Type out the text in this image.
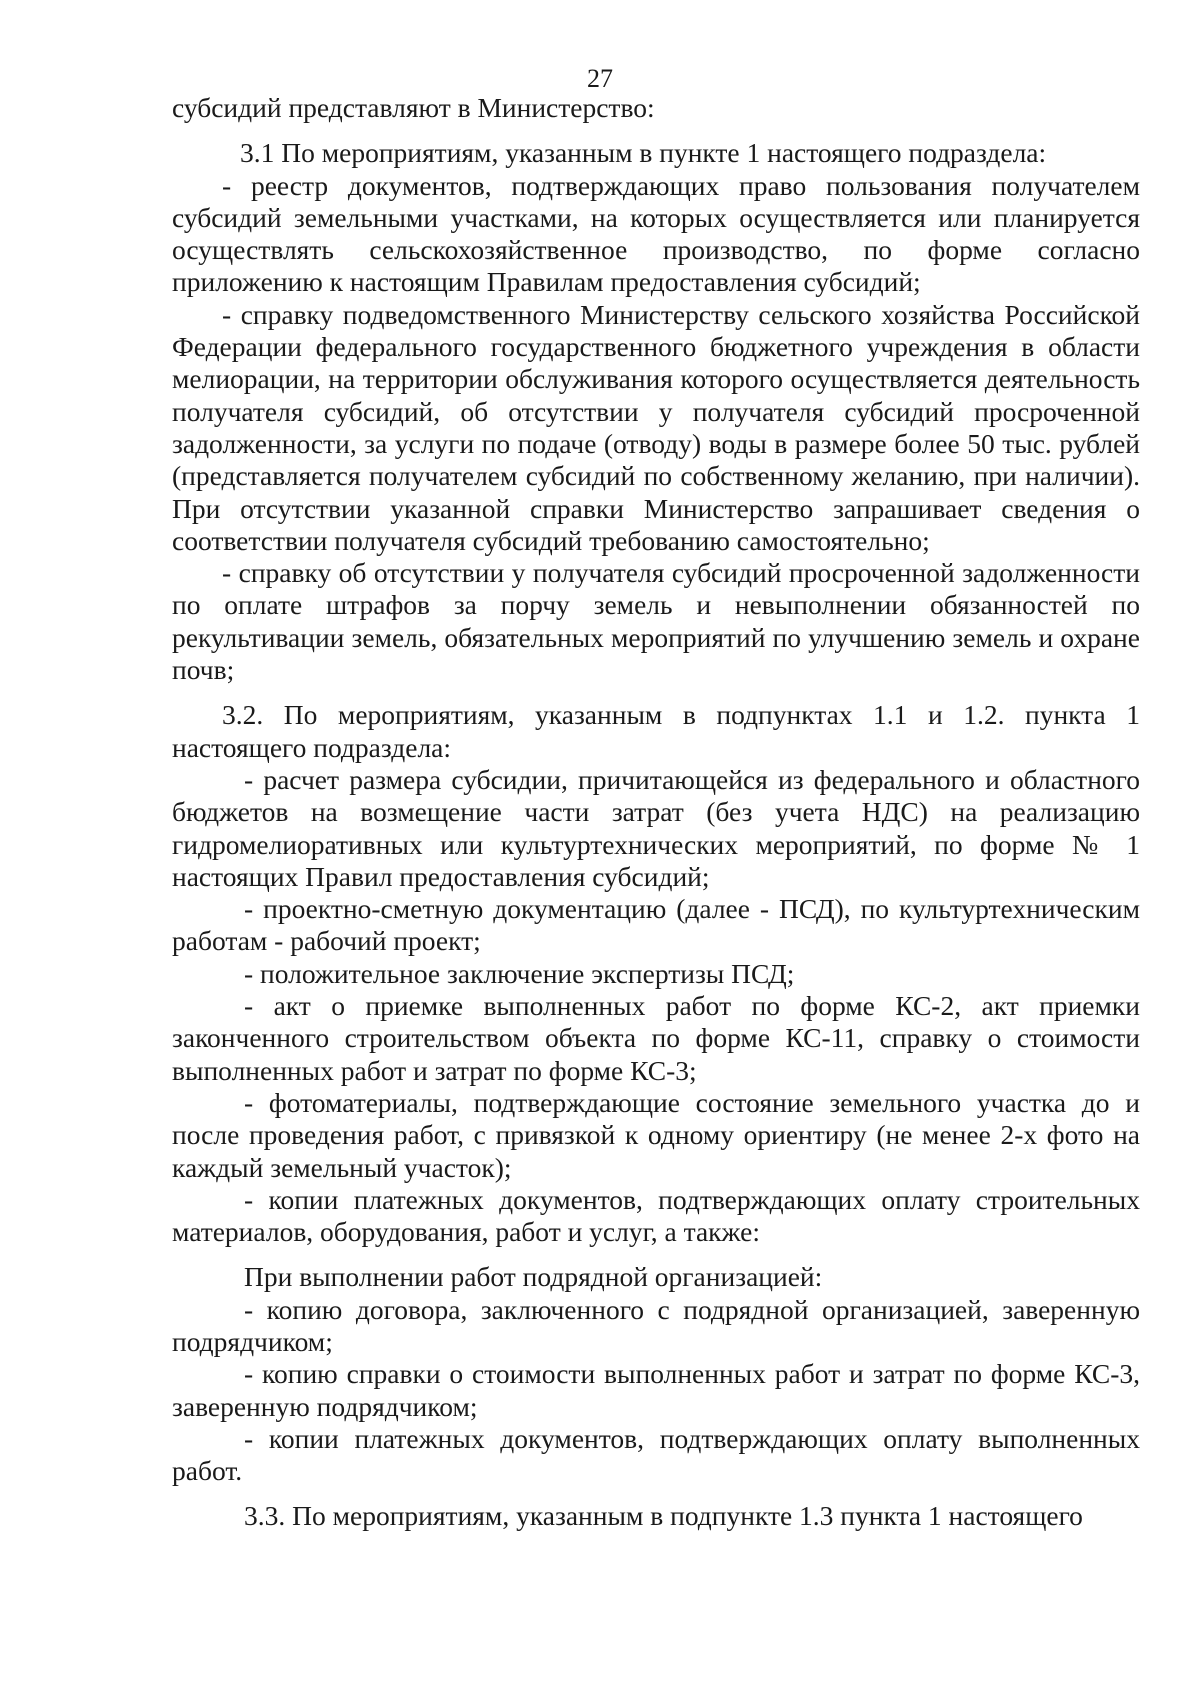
27

субсидий представляют в Министерство:

3.1 По мероприятиям, указанным в пункте 1 настоящего подраздела:

- реестр документов, подтверждающих право пользования получателем субсидий земельными участками, на которых осуществляется или планируется осуществлять сельскохозяйственное производство, по форме согласно приложению к настоящим Правилам предоставления субсидий;

- справку подведомственного Министерству сельского хозяйства Российской Федерации федерального государственного бюджетного учреждения в области мелиорации, на территории обслуживания которого осуществляется деятельность получателя субсидий, об отсутствии у получателя субсидий просроченной задолженности, за услуги по подаче (отводу) воды в размере более 50 тыс. рублей (представляется получателем субсидий по собственному желанию, при наличии). При отсутствии указанной справки Министерство запрашивает сведения о соответствии получателя субсидий требованию самостоятельно;

- справку об отсутствии у получателя субсидий просроченной задолженности по оплате штрафов за порчу земель и невыполнении обязанностей по рекультивации земель, обязательных мероприятий по улучшению земель и охране почв;

3.2. По мероприятиям, указанным в подпунктах 1.1 и 1.2. пункта 1 настоящего подраздела:

- расчет размера субсидии, причитающейся из федерального и областного бюджетов на возмещение части затрат (без учета НДС) на реализацию гидромелиоративных или культуртехнических мероприятий, по форме № 1 настоящих Правил предоставления субсидий;

- проектно-сметную документацию (далее - ПСД), по культуртехническим работам - рабочий проект;

- положительное заключение экспертизы ПСД;

- акт о приемке выполненных работ по форме КС-2, акт приемки законченного строительством объекта по форме КС-11, справку о стоимости выполненных работ и затрат по форме КС-3;

- фотоматериалы, подтверждающие состояние земельного участка до и после проведения работ, с привязкой к одному ориентиру (не менее 2-х фото на каждый земельный участок);

- копии платежных документов, подтверждающих оплату строительных материалов, оборудования, работ и услуг, а также:

При выполнении работ подрядной организацией:

- копию договора, заключенного с подрядной организацией, заверенную подрядчиком;

- копию справки о стоимости выполненных работ и затрат по форме КС-3, заверенную подрядчиком;

- копии платежных документов, подтверждающих оплату выполненных работ.

3.3. По мероприятиям, указанным в подпункте 1.3 пункта 1 настоящего
